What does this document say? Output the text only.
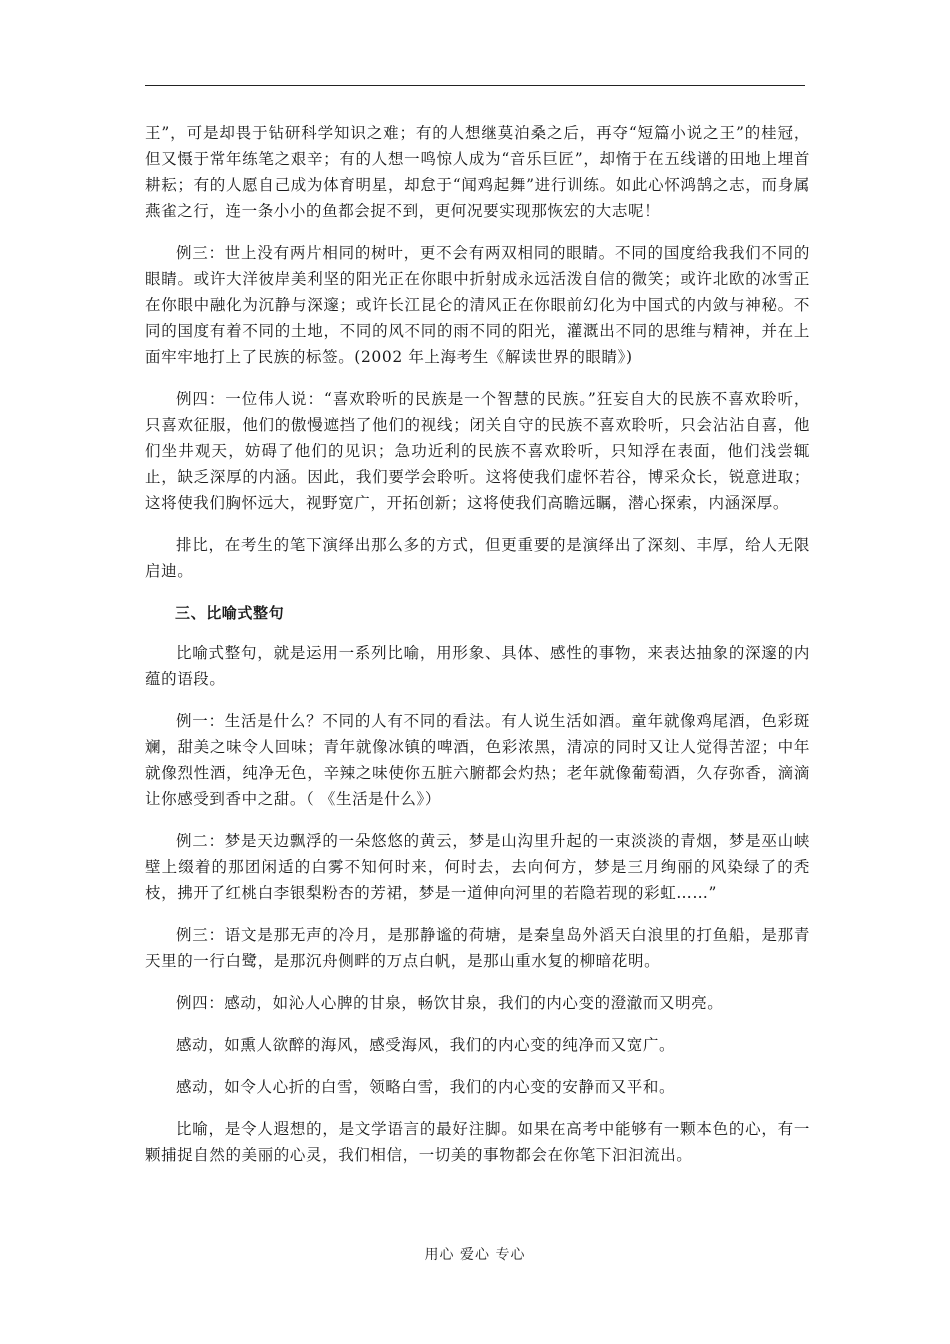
王”，可是却畏于钻研科学知识之难；有的人想继莫泊桑之后，再夺“短篇小说之王”的桂冠，但又慑于常年练笔之艰辛；有的人想一鸣惊人成为“音乐巨匠”，却惰于在五线谱的田地上埋首耕耘；有的人愿自己成为体育明星，却怠于“闻鸡起舞”进行训练。如此心怀鸿鹄之志，而身属燕雀之行，连一条小小的鱼都会捉不到，更何况要实现那恢宏的大志呢！

例三：世上没有两片相同的树叶，更不会有两双相同的眼睛。不同的国度给我我们不同的眼睛。或许大洋彼岸美利坚的阳光正在你眼中折射成永远活泼自信的微笑；或许北欧的冰雪正在你眼中融化为沉静与深邃；或许长江昆仑的清风正在你眼前幻化为中国式的内敛与神秘。不同的国度有着不同的土地，不同的风不同的雨不同的阳光，灌溉出不同的思维与精神，并在上面牢牢地打上了民族的标签。(2002 年上海考生《解读世界的眼睛》)

例四：一位伟人说：“喜欢聆听的民族是一个智慧的民族。”狂妄自大的民族不喜欢聆听，只喜欢征服，他们的傲慢遮挡了他们的视线；闭关自守的民族不喜欢聆听，只会沾沾自喜，他们坐井观天，妨碍了他们的见识；急功近利的民族不喜欢聆听，只知浮在表面，他们浅尝辄止，缺乏深厚的内涵。因此，我们要学会聆听。这将使我们虚怀若谷，博采众长，锐意进取；这将使我们胸怀远大，视野宽广，开拓创新；这将使我们高瞻远瞩，潜心探索，内涵深厚。

排比，在考生的笔下演绎出那么多的方式，但更重要的是演绎出了深刻、丰厚，给人无限启迪。

三、比喻式整句

比喻式整句，就是运用一系列比喻，用形象、具体、感性的事物，来表达抽象的深邃的内蕴的语段。

例一：生活是什么？不同的人有不同的看法。有人说生活如酒。童年就像鸡尾酒，色彩斑斓，甜美之味令人回味；青年就像冰镇的啤酒，色彩浓黑，清凉的同时又让人觉得苦涩；中年就像烈性酒，纯净无色，辛辣之味使你五脏六腑都会灼热；老年就像葡萄酒，久存弥香，滴滴让你感受到香中之甜。（ 《生活是什么》）

例二：梦是天边飘浮的一朵悠悠的黄云，梦是山沟里升起的一束淡淡的青烟，梦是巫山峡壁上缀着的那团闲适的白雾不知何时来，何时去，去向何方，梦是三月绚丽的风染绿了的秃枝，拂开了红桃白李银梨粉杏的芳裙，梦是一道伸向河里的若隐若现的彩虹……”

例三：语文是那无声的冷月，是那静谧的荷塘，是秦皇岛外滔天白浪里的打鱼船，是那青天里的一行白鹭，是那沉舟侧畔的万点白帆，是那山重水复的柳暗花明。

例四：感动，如沁人心脾的甘泉，畅饮甘泉，我们的内心变的澄澈而又明亮。

感动，如熏人欲醉的海风，感受海风，我们的内心变的纯净而又宽广。

感动，如令人心折的白雪，领略白雪，我们的内心变的安静而又平和。

比喻，是令人遐想的，是文学语言的最好注脚。如果在高考中能够有一颗本色的心，有一颗捕捉自然的美丽的心灵，我们相信，一切美的事物都会在你笔下汩汩流出。

用心 爱心 专心
